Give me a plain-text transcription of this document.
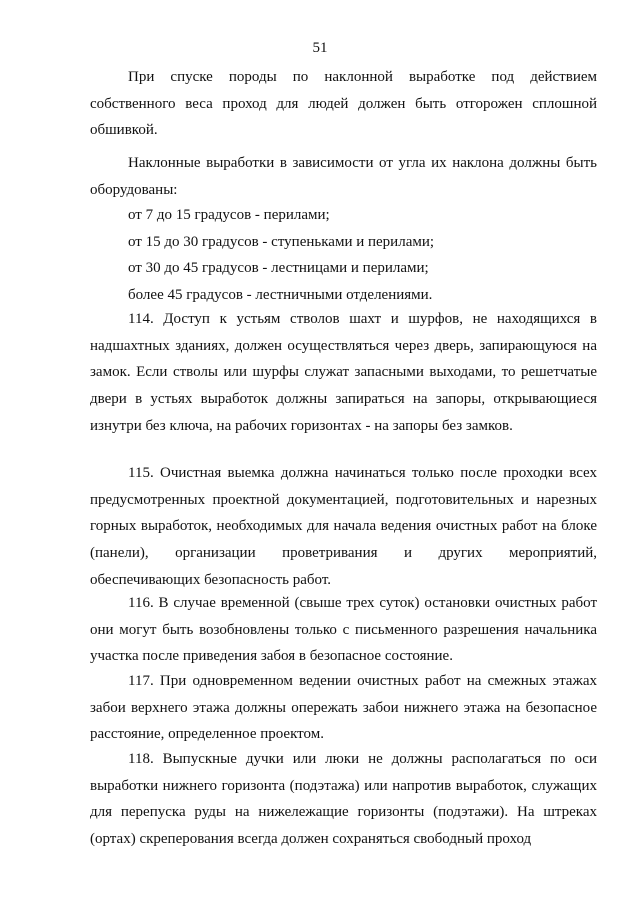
51

При спуске породы по наклонной выработке под действием собственного веса проход для людей должен быть отгорожен сплошной обшивкой.

Наклонные выработки в зависимости от угла их наклона должны быть оборудованы:

от 7 до 15 градусов - перилами;

от 15 до 30 градусов - ступеньками и перилами;

от 30 до 45 градусов - лестницами и перилами;

более 45 градусов - лестничными отделениями.

114. Доступ к устьям стволов шахт и шурфов, не находящихся в надшахтных зданиях, должен осуществляться через дверь, запирающуюся на замок. Если стволы или шурфы служат запасными выходами, то решетчатые двери в устьях выработок должны запираться на запоры, открывающиеся изнутри без ключа, на рабочих горизонтах - на запоры без замков.

115. Очистная выемка должна начинаться только после проходки всех предусмотренных проектной документацией, подготовительных и нарезных горных выработок, необходимых для начала ведения очистных работ на блоке (панели), организации проветривания и других мероприятий, обеспечивающих безопасность работ.

116. В случае временной (свыше трех суток) остановки очистных работ они могут быть возобновлены только с письменного разрешения начальника участка после приведения забоя в безопасное состояние.

117. При одновременном ведении очистных работ на смежных этажах забои верхнего этажа должны опережать забои нижнего этажа на безопасное расстояние, определенное проектом.

118. Выпускные дучки или люки не должны располагаться по оси выработки нижнего горизонта (подэтажа) или напротив выработок, служащих для перепуска руды на нижележащие горизонты (подэтажи). На штреках (ортах) скреперования всегда должен сохраняться свободный проход
